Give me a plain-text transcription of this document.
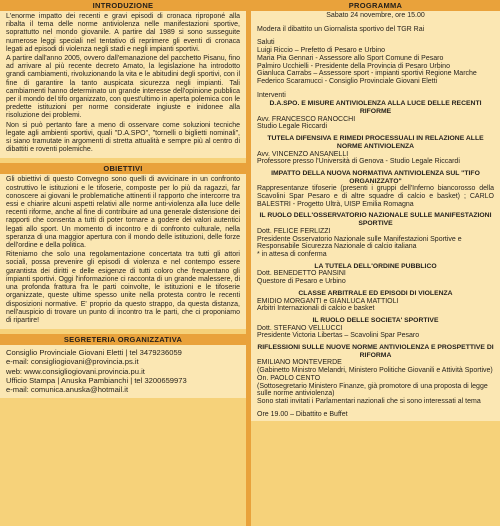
INTRODUZIONE

L'enorme impatto dei recenti e gravi episodi di cronaca riproponé alla ribalta il tema delle norme antiviolenza nelle manifestazioni sportive, soprattutto nel mondo giovanile. A partire dal 1989 si sono susseguite numerose leggi speciali nel tentativo di reprimere gli eventi di cronaca legati ad episodi di violenza negli stadi e negli impianti sportivi.

A partire dall'anno 2005, ovvero dall'emanazione del pacchetto Pisanu, fino ad arrivare al più recente decreto Amato, la legislazione ha introdotto grandi cambiamenti, rivoluzionando la vita e le abitudini degli sportivi, con il fine di garantire la tanto auspicata sicurezza negli impianti. Tali cambiamenti hanno determinato un grande interesse dell'opinione pubblica per il mondo del tifo organizzato, con quest'ultimo in aperta polemica con le predette istituzioni per norme considerate ingiuste e inidonee alla risoluzione dei problemi.

Non si può pertanto fare a meno di osservare come soluzioni tecniche legate agli ambienti sportivi, quali "D.A.SPO", "tornelli o biglietti nominali", si siano tramutate in argomenti di stretta attualità e sempre più al centro di dibattiti e roventi polemiche.

OBIETTIVI

Gli obiettivi di questo Convegno sono quelli di avvicinare in un confronto costruttivo le istituzioni e le tifoserie, composte per lo più da ragazzi, far conoscere ai giovani le problematiche attinenti il rapporto che intercorre tra essi e chiarire alcuni aspetti relativi alle norme anti-violenza alla luce delle recenti riforme, anche al fine di contribuire ad una generale distensione dei rapporti che consenta a tutti di poter tornare a godere dei valori autentici legati allo sport. Un momento di incontro e di confronto culturale, nella speranza di una maggior apertura con il mondo delle istituzioni, delle forze dell'ordine e della politica.

Riteniamo che solo una regolamentazione concertata tra tutti gli attori sociali, possa prevenire gli episodi di violenza e nel contempo essere garantista dei diritti e delle esigenze di tutti coloro che frequentano gli impianti sportivi. Oggi l'informazione ci racconta di un grande malessere, di una profonda frattura fra le parti coinvolte, le istituzioni e le tifoserie organizzate, queste ultime spesso unite nella protesta contro le recenti disposizioni normative. E' proprio da questo strappo, da questa distanza, nell'auspicio di trovare un punto di incontro tra le parti, che ci proponiamo di ripartire!

SEGRETERIA ORGANIZZATIVA

Consiglio Provinciale Giovani Eletti | tel 3479236059

e-mail: consigliogiovani@provincia.ps.it

web: www.consigliogiovani.provincia.pu.it

Ufficio Stampa | Anuska Pambianchi | tel 3200659973

e-mail: comunica.anuska@hotmail.it

PROGRAMMA

Sabato 24 novembre, ore 15.00

Modera il dibattito un Giornalista sportivo del TGR Rai

Saluti

Luigi Riccio – Prefetto di Pesaro e Urbino

Maria Pia Gennari - Assessore allo Sport Comune di Pesaro

Palmiro Ucchielli - Presidente della Provincia di Pesaro Urbino

Gianluca Carrabs – Assessore sport - impianti sportivi Regione Marche

Federico Scaramucci - Consiglio Provinciale Giovani Eletti

Interventi

D.A.SPO. E MISURE ANTIVIOLENZA ALLA LUCE DELLE RECENTI RIFORME

Avv. FRANCESCO RANOCCHI

Studio Legale Riccardi

TUTELA DIFENSIVA E RIMEDI PROCESSUALI IN RELAZIONE ALLE NORME ANTIVIOLENZA

Avv. VINCENZO ANSANELLI

Professore presso l'Università di Genova - Studio Legale Riccardi

IMPATTO DELLA NUOVA NORMATIVA ANTIVIOLENZA SUL "TIFO ORGANIZZATO"

Rappresentanze tifoserie (presenti i gruppi dell'Inferno biancorosso della Scavolini Spar Pesaro e di altre squadre di calcio e basket) ; CARLO BALESTRI - Progetto Ultrà, UISP Emilia Romagna

IL RUOLO DELL'OSSERVATORIO NAZIONALE SULLE MANIFESTAZIONI SPORTIVE

Dott. FELICE FERLIZZI

Presidente Osservatorio Nazionale sulle Manifestazioni Sportive e Responsabile Sicurezza Nazionale di calcio italiana

* in attesa di conferma

LA TUTELA DELL'ORDINE PUBBLICO

Dott. BENEDETTO PANSINI

Questore di Pesaro e Urbino

CLASSE ARBITRALE ED EPISODI DI VIOLENZA

EMIDIO MORGANTI e GIANLUCA MATTIOLI

Arbitri Internazionali di calcio e basket

IL RUOLO DELLE SOCIETA' SPORTIVE

Dott. STEFANO VELLUCCI

Presidente Victoria Libertas – Scavolini Spar Pesaro

RIFLESSIONI SULLE NUOVE NORME ANTIVIOLENZA E PROSPETTIVE DI RIFORMA

EMILIANO MONTEVERDE

(Gabinetto Ministro Melandri, Ministero Politiche Giovanili e Attività Sportive)

On. PAOLO CENTO

(Sottosegretario Ministero Finanze, già promotore di una proposta di legge sulle norme antiviolenza)

Sono stati invitati i Parlamentari nazionali che si sono interessati al tema

Ore 19.00 – Dibattito e Buffet
